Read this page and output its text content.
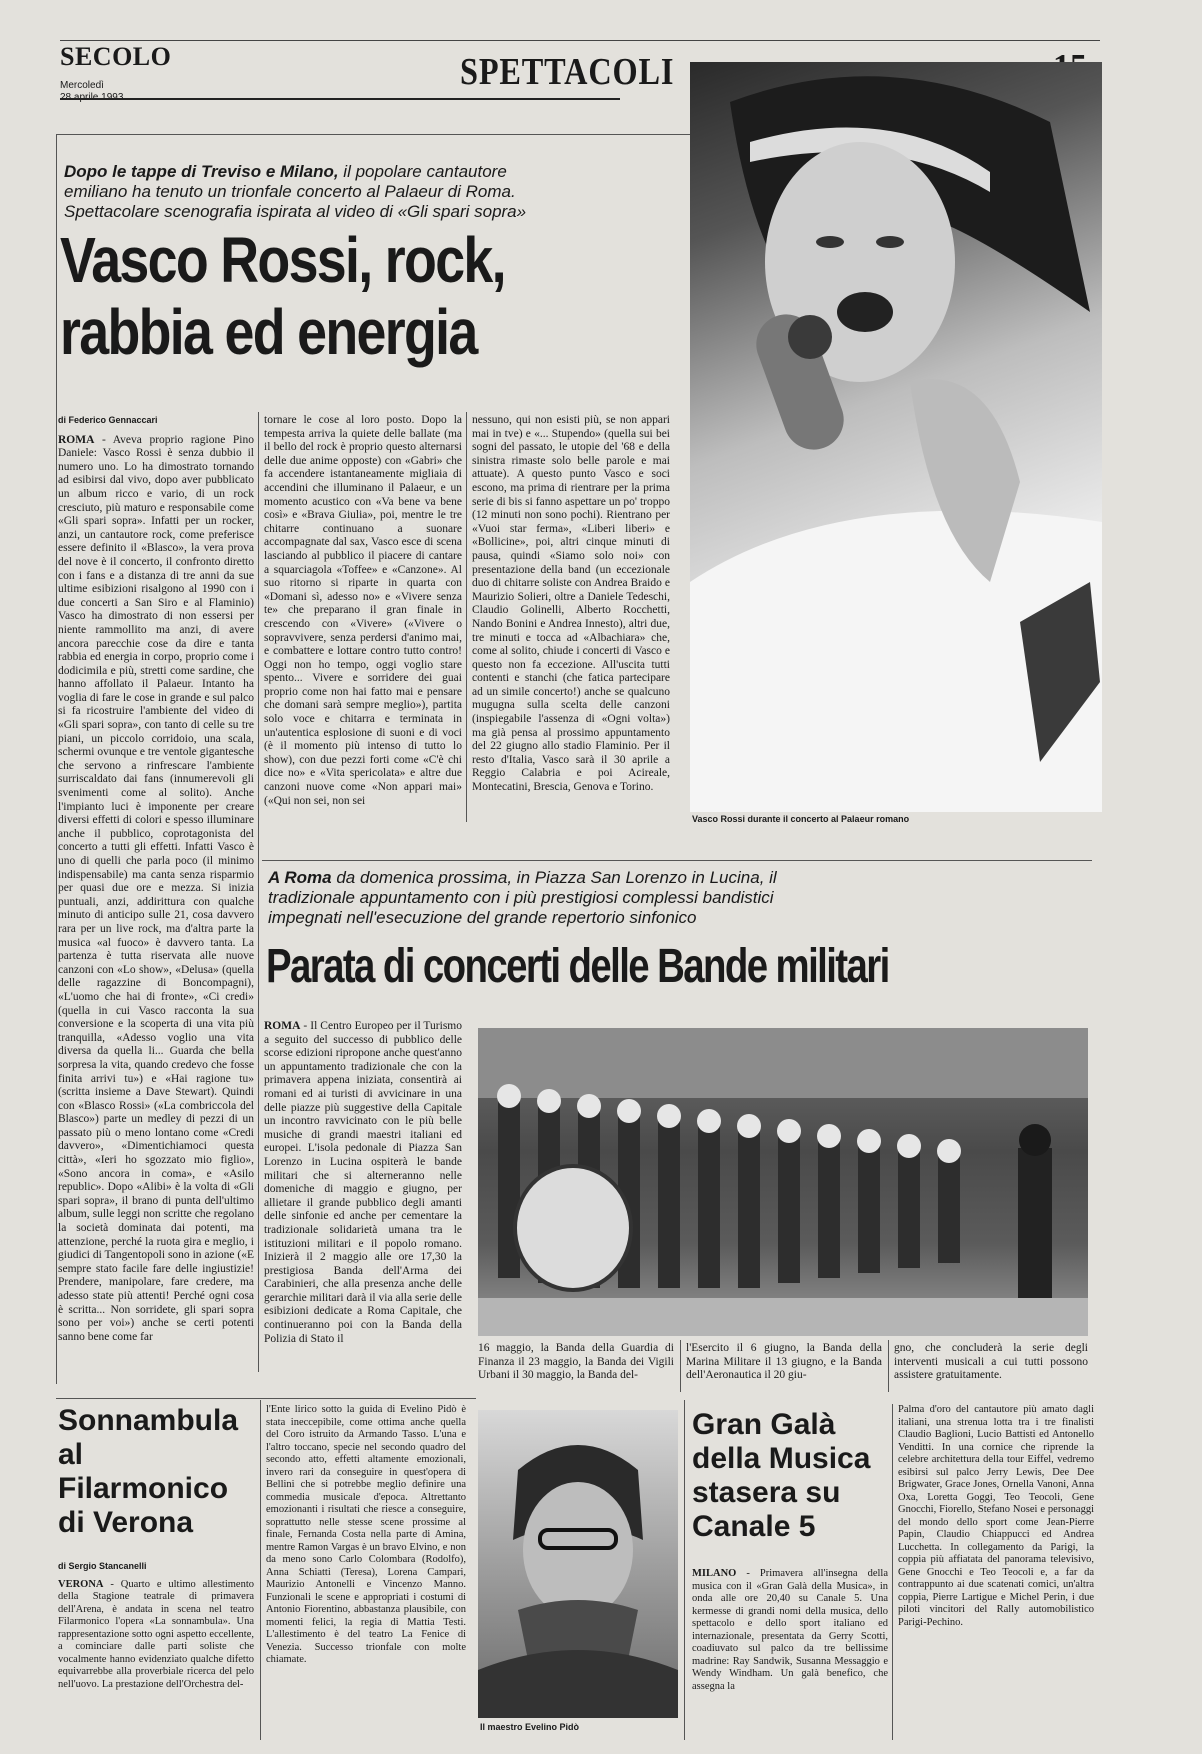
SECOLO
Mercoledì	SPETTACOLI
Dopo le tappe di Treviso e Milano, il popolare cantautore emiliano ha tenuto un trionfale concerto al Palaeur di Roma. Spettacolare scenografia ispirata al video di «Gli spari sopra»
Vasco Rossi, rock,
rabbia ed energia
Vasco Rossi durante il concerto al Palaeur romano
di Federico Gennaccari
ROMA - Aveva proprio ragione Pino Daniele: Vasco Rossi è senza dubbio il numero uno. Lo ha dimostrato tornando ad esibirsi dal vivo, dopo aver pubblicato un album ricco e vario, di un rock cresciuto, più maturo e responsabile come «Gli spari sopra». Infatti per un rocker, anzi, un cantautore rock, come preferisce essere definito il «Blasco», la vera prova del nove è il concerto, il confronto diretto con i fans e a distanza di tre anni da sue ultime esibizioni risalgono al 1990 con i due concerti a San Siro e al Flaminio) Vasco ha dimostrato di non essersi per niente rammollito ma anzi, di avere ancora parecchie cose da dire e tanta rabbia ed energia in corpo, proprio come i dodicimila e più, stretti come sardine, che hanno affollato il Palaeur. Intanto ha voglia di fare le cose in grande e sul palco si fa ricostruire l'ambiente del video di «Gli spari sopra», con tanto di celle su tre piani, un piccolo corridoio, una scala, schermi ovunque e tre ventole gigantesche che servono a rinfrescare l'ambiente surriscaldato dai fans (innumerevoli gli svenimenti come al solito). Anche l'impianto luci è imponente per creare diversi effetti di colori e spesso illuminare anche il pubblico, coprotagonista del concerto a tutti gli effetti. Infatti Vasco è uno di quelli che parla poco (il minimo indispensabile) ma canta senza risparmio per quasi due ore e mezza. Si inizia puntuali, anzi, addirittura con qualche minuto di anticipo sulle 21, cosa davvero rara per un live rock, ma d'altra parte la musica «al fuoco» è davvero tanta. La partenza è tutta riservata alle nuove canzoni con «Lo show», «Delusa» (quella delle ragazzine di Boncompagni), «L'uomo che hai di fronte», «Ci credi» (quella in cui Vasco racconta la sua conversione e la scoperta di una vita più tranquilla, «Adesso voglio una vita diversa da quella li... Guarda che bella sorpresa la vita, quando credevo che fosse finita arrivi tu») e «Hai ragione tu» (scritta insieme a Dave Stewart). Quindi con «Blasco Rossi» («La combriccola del Blasco») parte un medley di pezzi di un passato più o meno lontano come «Credi davvero», «Dimentichiamoci questa città», «Ieri ho sgozzato mio figlio», «Sono ancora in coma», e «Asilo republic». Dopo «Alibi» è la volta di «Gli spari sopra», il brano di punta dell'ultimo album, sulle leggi non scritte che regolano la società dominata dai potenti, ma attenzione, perché la ruota gira e meglio, i giudici di Tangentopoli sono in azione («E sempre stato facile fare delle ingiustizie! Prendere, manipolare, fare credere, ma adesso state più attenti! Perché ogni cosa è scritta... Non sorridete, gli spari sopra sono per voi») anche se certi potenti sanno bene come far
tornare le cose al loro posto. Dopo la tempesta arriva la quiete delle ballate (ma il bello del rock è proprio questo alternarsi delle due anime opposte) con «Gabri» che fa accendere istantaneamente migliaia di accendini che illuminano il Palaeur, e un momento acustico con «Va bene va bene così» e «Brava Giulia», poi, mentre le tre chitarre continuano a suonare accompagnate dal sax, Vasco esce di scena lasciando al pubblico il piacere di cantare a squarciagola «Toffee» e «Canzone». Al suo ritorno si riparte in quarta con «Domani sì, adesso no» e «Vivere senza te» che preparano il gran finale in crescendo con «Vivere» («Vivere o sopravvivere, senza perdersi d'animo mai, e combattere e lottare contro tutto contro! Oggi non ho tempo, oggi voglio stare spento... Vivere e sorridere dei guai proprio come non hai fatto mai e pensare che domani sarà sempre meglio»), partita solo voce e chitarra e terminata in un'autentica esplosione di suoni e di voci (è il momento più intenso di tutto lo show), con due pezzi forti come «C'è chi dice no» e «Vita spericolata» e altre due canzoni nuove come «Non appari mai» («Qui non sei, non sei
nessuno, qui non esisti più, se non appari mai in tve) e «... Stupendo» (quella sui bei sogni del passato, le utopie del '68 e della sinistra rimaste solo belle parole e mai attuate). A questo punto Vasco e soci escono, ma prima di rientrare per la prima serie di bis si fanno aspettare un po' troppo (12 minuti non sono pochi). Rientrano per «Vuoi star ferma», «Liberi liberi» e «Bollicine», poi, altri cinque minuti di pausa, quindi «Siamo solo noi» con presentazione della band (un eccezionale duo di chitarre soliste con Andrea Braido e Maurizio Solieri, oltre a Daniele Tedeschi, Claudio Golinelli, Alberto Rocchetti, Nando Bonini e Andrea Innesto), altri due, tre minuti e tocca ad «Albachiara» che, come al solito, chiude i concerti di Vasco e questo non fa eccezione. All'uscita tutti contenti e stanchi (che fatica partecipare ad un simile concerto!) anche se qualcuno mugugna sulla scelta delle canzoni (inspiegabile l'assenza di «Ogni volta») ma già pensa al prossimo appuntamento del 22 giugno allo stadio Flaminio. Per il resto d'Italia, Vasco sarà il 30 aprile a Reggio Calabria e poi Acireale, Montecatini, Brescia, Genova e Torino.
A Roma da domenica prossima, in Piazza San Lorenzo in Lucina, il tradizionale appuntamento con i più prestigiosi complessi bandistici impegnati nell'esecuzione del grande repertorio sinfonico
Parata di concerti delle Bande militari
ROMA - Il Centro Europeo per il Turismo a seguito del successo di pubblico delle scorse edizioni ripropone anche quest'anno un appuntamento tradizionale che con la primavera appena iniziata, consentirà ai romani ed ai turisti di avvicinare in una delle piazze più suggestive della Capitale un incontro ravvicinato con le più belle musiche di grandi maestri italiani ed europei. L'isola pedonale di Piazza San Lorenzo in Lucina ospiterà le bande militari che si alterneranno nelle domeniche di maggio e giugno, per allietare il grande pubblico degli amanti delle sinfonie ed anche per cementare la tradizionale solidarietà umana tra le istituzioni militari e il popolo romano. Inizierà il 2 maggio alle ore 17,30 la prestigiosa Banda dell'Arma dei Carabinieri, che alla presenza anche delle gerarchie militari darà il via alla serie delle esibizioni dedicate a Roma Capitale, che continueranno poi con la Banda della Polizia di Stato il
16 maggio, la Banda della Guardia di Finanza il 23 maggio, la Banda dei Vigili Urbani il 30 maggio, la Banda del-
l'Esercito il 6 giugno, la Banda della Marina Militare il 13 giugno, e la Banda dell'Aeronautica il 20 giu-
gno, che concluderà la serie degli interventi musicali a cui tutti possono assistere gratuitamente.
Sonnambula al Filarmonico di Verona
di Sergio Stancanelli
VERONA - Quarto e ultimo allestimento della Stagione teatrale di primavera dell'Arena, è andata in scena nel teatro Filarmonico l'opera «La sonnambula». Una rappresentazione sotto ogni aspetto eccellente, a cominciare dalle parti soliste che vocalmente hanno evidenziato qualche difetto equivarrebbe alla proverbiale ricerca del pelo nell'uovo. La prestazione dell'Orchestra del-
l'Ente lirico sotto la guida di Evelino Pidò è stata ineccepibile, come ottima anche quella del Coro istruito da Armando Tasso. L'una e l'altro toccano, specie nel secondo quadro del secondo atto, effetti altamente emozionali, invero rari da conseguire in quest'opera di Bellini che si potrebbe meglio definire una commedia musicale d'epoca. Altrettanto emozionanti i risultati che riesce a conseguire, soprattutto nelle stesse scene prossime al finale, Fernanda Costa nella parte di Amina, mentre Ramon Vargas è un bravo Elvino, e non da meno sono Carlo Colombara (Rodolfo), Anna Schiatti (Teresa), Lorena Campari, Maurizio Antonelli e Vincenzo Manno. Funzionali le scene e appropriati i costumi di Antonio Fiorentino, abbastanza plausibile, con momenti felici, la regia di Mattia Testi. L'allestimento è del teatro La Fenice di Venezia. Successo trionfale con molte chiamate.
Il maestro Evelino Pidò
Gran Galà della Musica stasera su Canale 5
MILANO - Primavera all'insegna della musica con il «Gran Galà della Musica», in onda alle ore 20,40 su Canale 5. Una kermesse di grandi nomi della musica, dello spettacolo e dello sport italiano ed internazionale, presentata da Gerry Scotti, coadiuvato sul palco da tre bellissime madrine: Ray Sandwik, Susanna Messaggio e Wendy Windham. Un galà benefico, che assegna la
Palma d'oro del cantautore più amato dagli italiani, una strenua lotta tra i tre finalisti Claudio Baglioni, Lucio Battisti ed Antonello Venditti. In una cornice che riprende la celebre architettura della tour Eiffel, vedremo esibirsi sul palco Jerry Lewis, Dee Dee Brigwater, Grace Jones, Ornella Vanoni, Anna Oxa, Loretta Goggi, Teo Teocoli, Gene Gnocchi, Fiorello, Stefano Nosei e personaggi del mondo dello sport come Jean-Pierre Papin, Claudio Chiappucci ed Andrea Lucchetta. In collegamento da Parigi, la coppia più affiatata del panorama televisivo, Gene Gnocchi e Teo Teocoli e, a far da contrappunto ai due scatenati comici, un'altra coppia, Pierre Lartigue e Michel Perin, i due piloti vincitori del Rally automobilistico Parigi-Pechino.
